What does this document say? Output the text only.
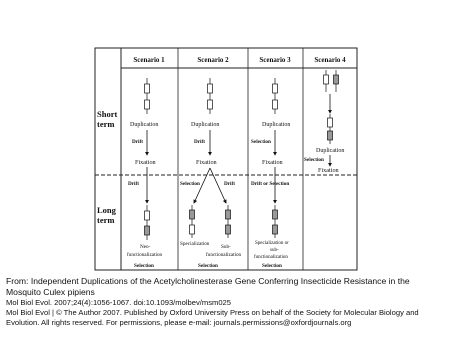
Short
term
Long
term
Scenario 1	Scenario 2	Scenario 3	Scenario 4
Duplication
Drift
Fixation
Drift
Neo-
functionalization
Selection
Duplication
Drift
Fixation
Selection	Drift
Specialization Sub-
functionalization
Selection
Duplication
Selection
Fixation
Drift or Selection
Specialization or
sub-
functionalization
Selection
Duplication
Selection
Fixation
From: Independent Duplications of the Acetylcholinesterase Gene Conferring Insecticide Resistance in the
Mosquito Culex pipiens
Mol Biol Evol. 2007;24(4):1056-1067. doi:10.1093/molbev/msm025
Mol Biol Evol | © The Author 2007. Published by Oxford University Press on behalf of the Society for Molecular Biology and
Evolution. All rights reserved. For permissions, please e-mail: journals.permissions@oxfordjournals.org
